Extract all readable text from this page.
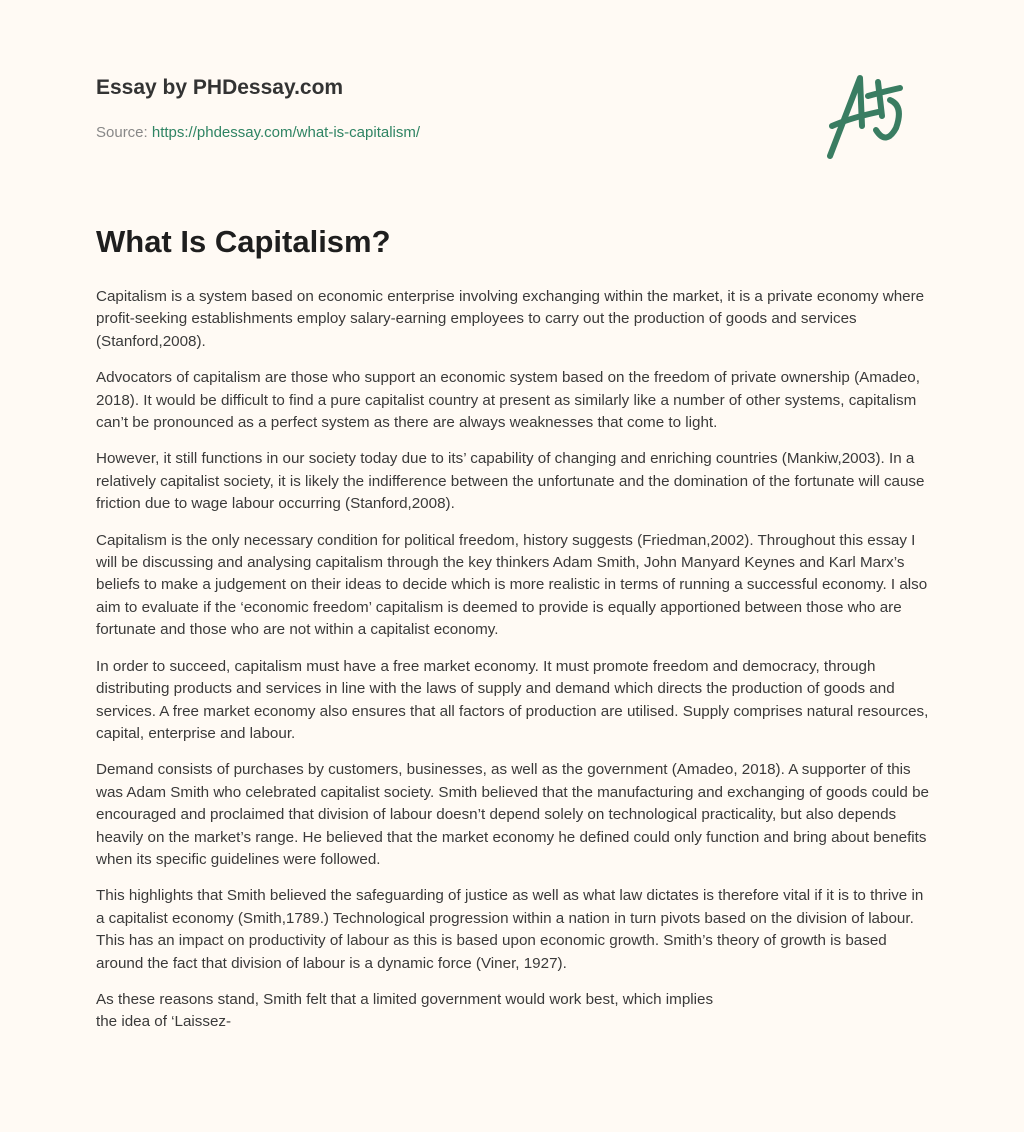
Essay by PHDessay.com
Source: https://phdessay.com/what-is-capitalism/
What Is Capitalism?

Capitalism is a system based on economic enterprise involving exchanging within the market, it is a private economy where profit-seeking establishments employ salary-earning employees to carry out the production of goods and services (Stanford,2008).

Advocators of capitalism are those who support an economic system based on the freedom of private ownership (Amadeo, 2018). It would be difficult to find a pure capitalist country at present as similarly like a number of other systems, capitalism can’t be pronounced as a perfect system as there are always weaknesses that come to light.

However, it still functions in our society today due to its’ capability of changing and enriching countries (Mankiw,2003). In a relatively capitalist society, it is likely the indifference between the unfortunate and the domination of the fortunate will cause friction due to wage labour occurring (Stanford,2008).

Capitalism is the only necessary condition for political freedom, history suggests (Friedman,2002). Throughout this essay I will be discussing and analysing capitalism through the key thinkers Adam Smith, John Manyard Keynes and Karl Marx’s beliefs to make a judgement on their ideas to decide which is more realistic in terms of running a successful economy. I also aim to evaluate if the ‘economic freedom’ capitalism is deemed to provide is equally apportioned between those who are fortunate and those who are not within a capitalist economy.

In order to succeed, capitalism must have a free market economy. It must promote freedom and democracy, through distributing products and services in line with the laws of supply and demand which directs the production of goods and services. A free market economy also ensures that all factors of production are utilised. Supply comprises natural resources, capital, enterprise and labour.

Demand consists of purchases by customers, businesses, as well as the government (Amadeo, 2018). A supporter of this was Adam Smith who celebrated capitalist society. Smith believed that the manufacturing and exchanging of goods could be encouraged and proclaimed that division of labour doesn’t depend solely on technological practicality, but also depends heavily on the market’s range. He believed that the market economy he defined could only function and bring about benefits when its specific guidelines were followed.

This highlights that Smith believed the safeguarding of justice as well as what law dictates is therefore vital if it is to thrive in a capitalist economy (Smith,1789.) Technological progression within a nation in turn pivots based on the division of labour. This has an impact on productivity of labour as this is based upon economic growth. Smith’s theory of growth is based around the fact that division of labour is a dynamic force (Viner, 1927).

As these reasons stand, Smith felt that a limited government would work best, which implies the idea of ‘Laissez-
